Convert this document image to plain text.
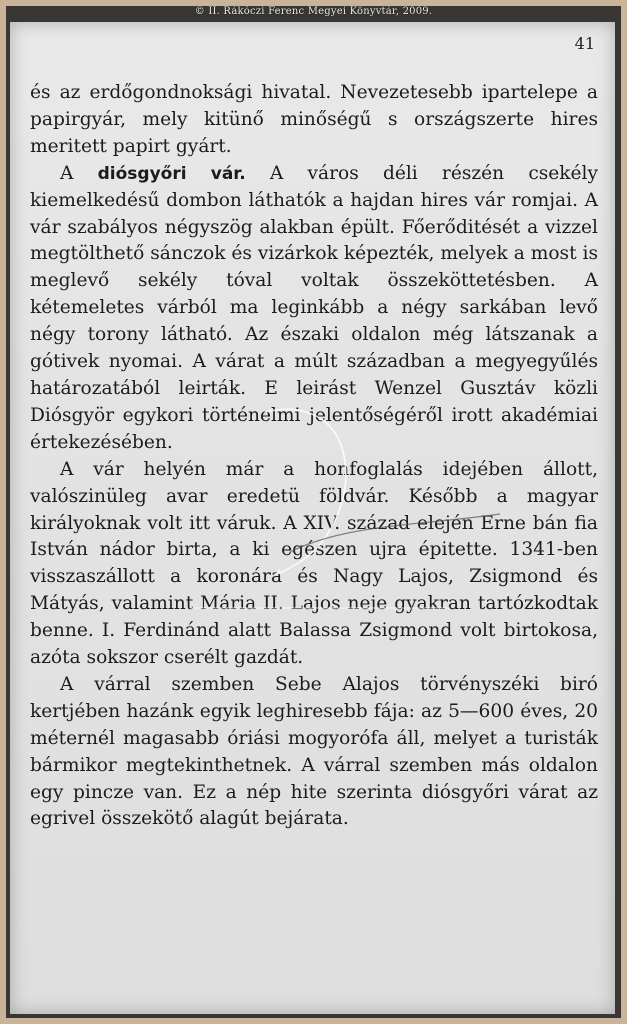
© II. Rákóczi Ferenc Megyei Könyvtár, 2009.
41

és az erdőgondnoksági hivatal. Nevezetesebb ipartelepe a papirgyár, mely kitünő minőségű s országszerte hires meritett papirt gyárt.

A diósgyőri vár. A város déli részén csekély kiemelkedésű dombon láthatók a hajdan hires vár romjai. A vár szabályos négyszög alakban épült. Főerőditését a vizzel megtölthető sánczok és vizárkok képezték, melyek a most is meglevő sekély tóval voltak összeköttetésben. A kétemeletes várból ma leginkább a négy sarkában levő négy torony látható. Az északi oldalon még látszanak a gótivek nyomai. A várat a múlt században a megyegyűlés határozatából leirták. E leirást Wenzel Gusztáv közli Diósgyör egykori történelmi jelentőségéről irott akadémiai értekezésében.

A vár helyén már a honfoglalás idejében állott, valószinüleg avar eredetü földvár. Később a magyar királyoknak volt itt váruk. A XIV. század elején Erne bán fia István nádor birta, a ki egészen ujra épitette. 1341-ben visszaszállott a koronára és Nagy Lajos, Zsigmond és Mátyás, valamint Mária II. Lajos neje gyakran tartózkodtak benne. I. Ferdinánd alatt Balassa Zsigmond volt birtokosa, azóta sokszor cserélt gazdát.

A várral szemben Sebe Alajos törvényszéki biró kertjében hazánk egyik leghiresebb fája: az 5—600 éves, 20 méternél magasabb óriási mogyorófa áll, melyet a turisták bármikor megtekinthetnek. A várral szemben más oldalon egy pincze van. Ez a nép hite szerinta diósgyőri várat az egrivel összekötő alagút bejárata.
